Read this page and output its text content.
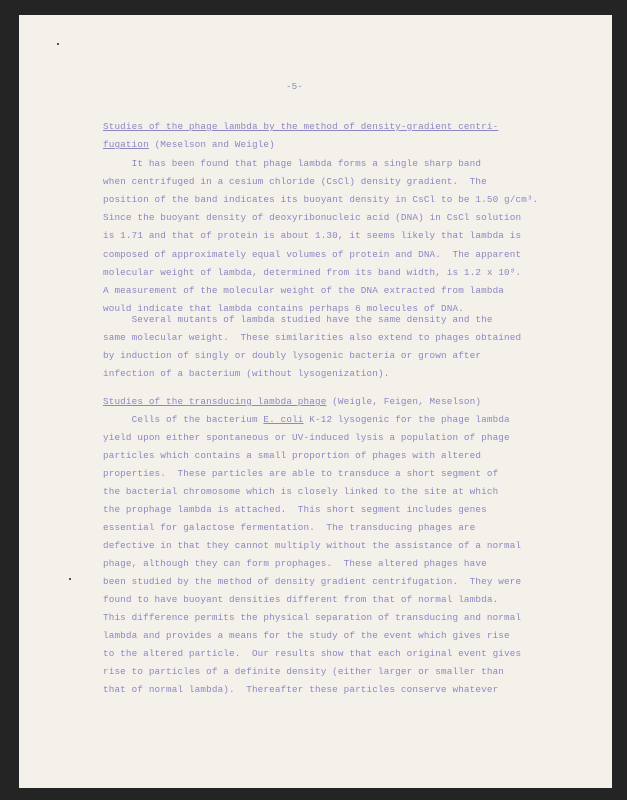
-5-
Studies of the phage lambda by the method of density-gradient centri-
fugation (Meselson and Weigle)
It has been found that phage lambda forms a single sharp band
when centrifuged in a cesium chloride (CsCl) density gradient.  The
position of the band indicates its buoyant density in CsCl to be 1.50 g/cm³.
Since the buoyant density of deoxyribonucleic acid (DNA) in CsCl solution
is 1.71 and that of protein is about 1.30, it seems likely that lambda is
composed of approximately equal volumes of protein and DNA.  The apparent
molecular weight of lambda, determined from its band width, is 1.2 x 10⁸.
A measurement of the molecular weight of the DNA extracted from lambda
would indicate that lambda contains perhaps 6 molecules of DNA.
Several mutants of lambda studied have the same density and the
same molecular weight.  These similarities also extend to phages obtained
by induction of singly or doubly lysogenic bacteria or grown after
infection of a bacterium (without lysogenization).
Studies of the transducing lambda phage (Weigle, Feigen, Meselson)
Cells of the bacterium E. coli K-12 lysogenic for the phage lambda
yield upon either spontaneous or UV-induced lysis a population of phage
particles which contains a small proportion of phages with altered
properties.  These particles are able to transduce a short segment of
the bacterial chromosome which is closely linked to the site at which
the prophage lambda is attached.  This short segment includes genes
essential for galactose fermentation.  The transducing phages are
defective in that they cannot multiply without the assistance of a normal
phage, although they can form prophages.  These altered phages have
been studied by the method of density gradient centrifugation.  They were
found to have buoyant densities different from that of normal lambda.
This difference permits the physical separation of transducing and normal
lambda and provides a means for the study of the event which gives rise
to the altered particle.  Our results show that each original event gives
rise to particles of a definite density (either larger or smaller than
that of normal lambda).  Thereafter these particles conserve whatever
